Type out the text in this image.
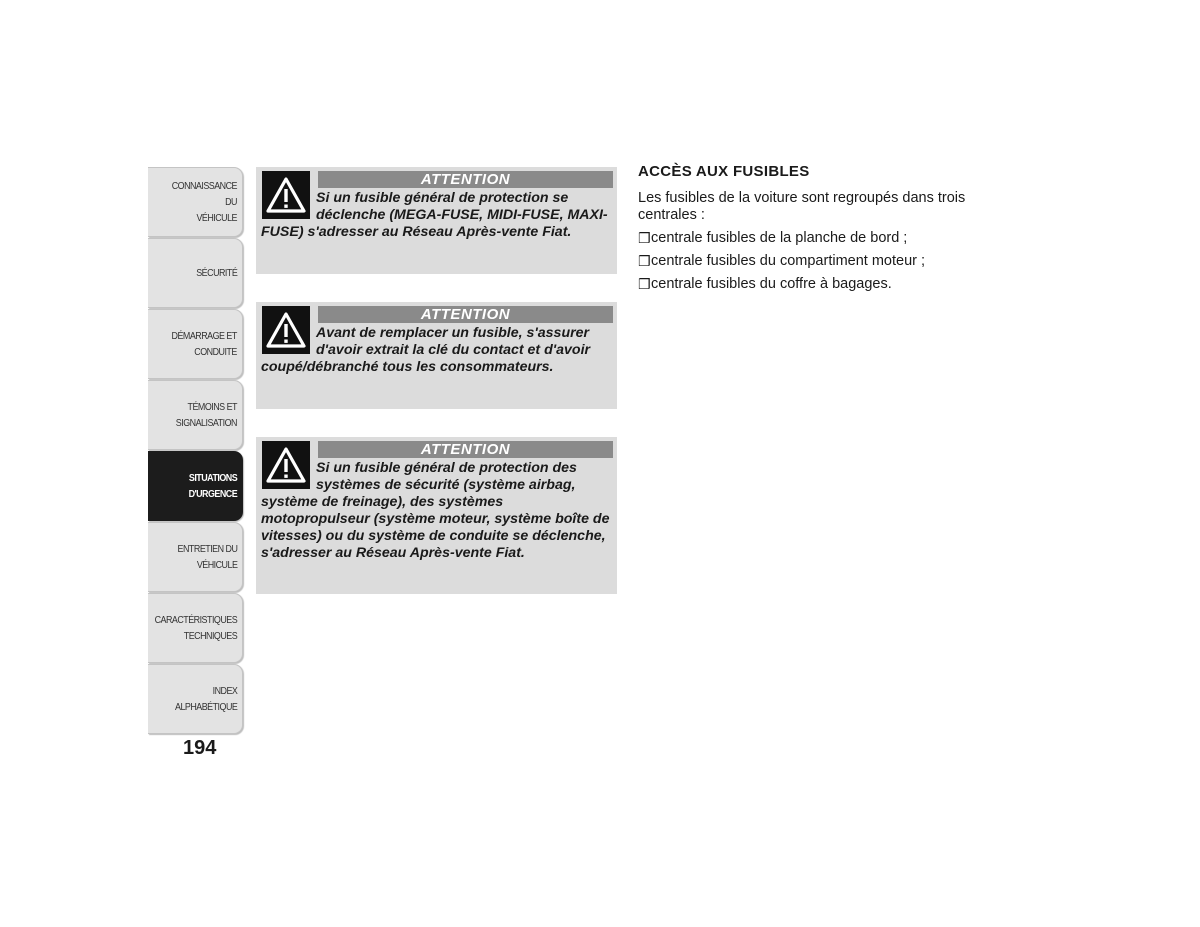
CONNAISSANCE DU
VÉHICULE
SÉCURITÉ
DÉMARRAGE ET
CONDUITE
TÉMOINS ET
SIGNALISATION
SITUATIONS
D'URGENCE
ENTRETIEN DU
VÉHICULE
CARACTÉRISTIQUES
TECHNIQUES
INDEX
ALPHABÉTIQUE
194
ATTENTION
Si un fusible général de protection se déclenche (MEGA-FUSE, MIDI-FUSE, MAXI-FUSE) s'adresser au Réseau Après-vente Fiat.
ATTENTION
Avant de remplacer un fusible, s'assurer d'avoir extrait la clé du contact et d'avoir coupé/débranché tous les consommateurs.
ATTENTION
Si un fusible général de protection des systèmes de sécurité (système airbag, système de freinage), des systèmes motopropulseur (système moteur, système boîte de vitesses) ou du système de conduite se déclenche, s'adresser au Réseau Après-vente Fiat.
ACCÈS AUX FUSIBLES

Les fusibles de la voiture sont regroupés dans trois centrales :

❒ centrale fusibles de la planche de bord ;
❒ centrale fusibles du compartiment moteur ;
❒ centrale fusibles du coffre à bagages.
